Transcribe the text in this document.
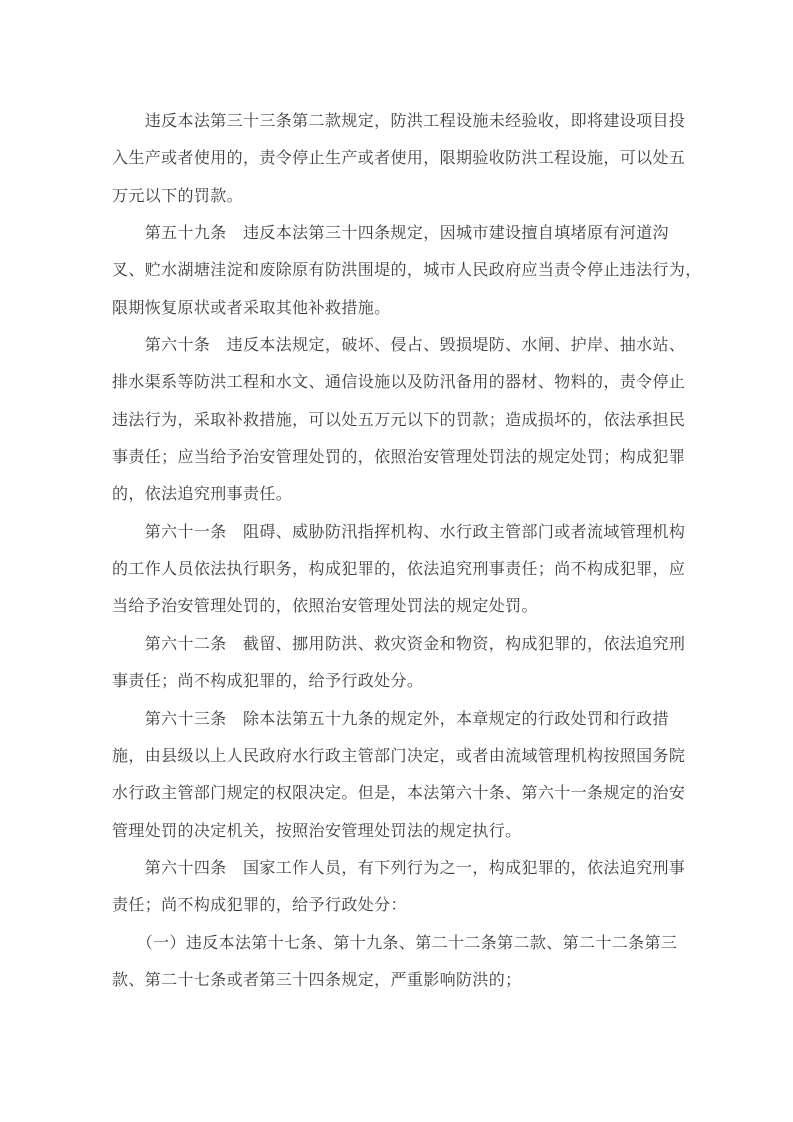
　　违反本法第三十三条第二款规定，防洪工程设施未经验收，即将建设项目投
入生产或者使用的，责令停止生产或者使用，限期验收防洪工程设施，可以处五
万元以下的罚款。
　　第五十九条　违反本法第三十四条规定，因城市建设擅自填堵原有河道沟
叉、贮水湖塘洼淀和废除原有防洪围堤的，城市人民政府应当责令停止违法行为，
限期恢复原状或者采取其他补救措施。
　　第六十条　违反本法规定，破坏、侵占、毁损堤防、水闸、护岸、抽水站、
排水渠系等防洪工程和水文、通信设施以及防汛备用的器材、物料的，责令停止
违法行为，采取补救措施，可以处五万元以下的罚款；造成损坏的，依法承担民
事责任；应当给予治安管理处罚的，依照治安管理处罚法的规定处罚；构成犯罪
的，依法追究刑事责任。
　　第六十一条　阻碍、威胁防汛指挥机构、水行政主管部门或者流域管理机构
的工作人员依法执行职务，构成犯罪的，依法追究刑事责任；尚不构成犯罪，应
当给予治安管理处罚的，依照治安管理处罚法的规定处罚。
　　第六十二条　截留、挪用防洪、救灾资金和物资，构成犯罪的，依法追究刑
事责任；尚不构成犯罪的，给予行政处分。
　　第六十三条　除本法第五十九条的规定外，本章规定的行政处罚和行政措
施，由县级以上人民政府水行政主管部门决定，或者由流域管理机构按照国务院
水行政主管部门规定的权限决定。但是，本法第六十条、第六十一条规定的治安
管理处罚的决定机关，按照治安管理处罚法的规定执行。
　　第六十四条　国家工作人员，有下列行为之一，构成犯罪的，依法追究刑事
责任；尚不构成犯罪的，给予行政处分：
　　（一）违反本法第十七条、第十九条、第二十二条第二款、第二十二条第三
款、第二十七条或者第三十四条规定，严重影响防洪的；
